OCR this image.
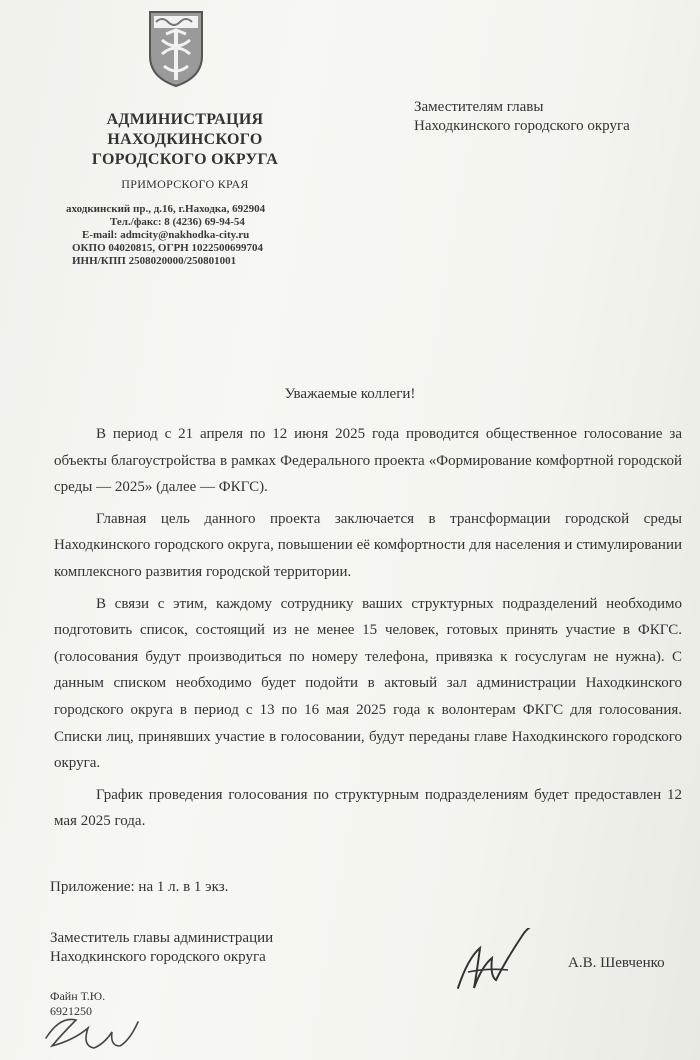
АДМИНИСТРАЦИЯ
НАХОДКИНСКОГО
ГОРОДСКОГО ОКРУГА
ПРИМОРСКОГО КРАЯ
аходкинский пр., д.16, г.Находка, 692904
Тел./факс: 8 (4236) 69-94-54
E-mail: admcity@nakhodka-city.ru
ОКПО 04020815, ОГРН 1022500699704
ИНН/КПП 2508020000/250801001
Заместителям главы
Находкинского городского округа
Уважаемые коллеги!

В период с 21 апреля по 12 июня 2025 года проводится общественное голосование за объекты благоустройства в рамках Федерального проекта «Формирование комфортной городской среды — 2025» (далее — ФКГС).

Главная цель данного проекта заключается в трансформации городской среды Находкинского городского округа, повышении её комфортности для населения и стимулировании комплексного развития городской территории.

В связи с этим, каждому сотруднику ваших структурных подразделений необходимо подготовить список, состоящий из не менее 15 человек, готовых принять участие в ФКГС. (голосования будут производиться по номеру телефона, привязка к госуслугам не нужна). С данным списком необходимо будет подойти в актовый зал администрации Находкинского городского округа в период с 13 по 16 мая 2025 года к волонтерам ФКГС для голосования. Списки лиц, принявших участие в голосовании, будут переданы главе Находкинского городского округа.

График проведения голосования по структурным подразделениям будет предоставлен 12 мая 2025 года.

Приложение: на 1 л. в 1 экз.
Заместитель главы администрации
Находкинского городского округа	А.В. Шевченко
Файн Т.Ю.
6921250
